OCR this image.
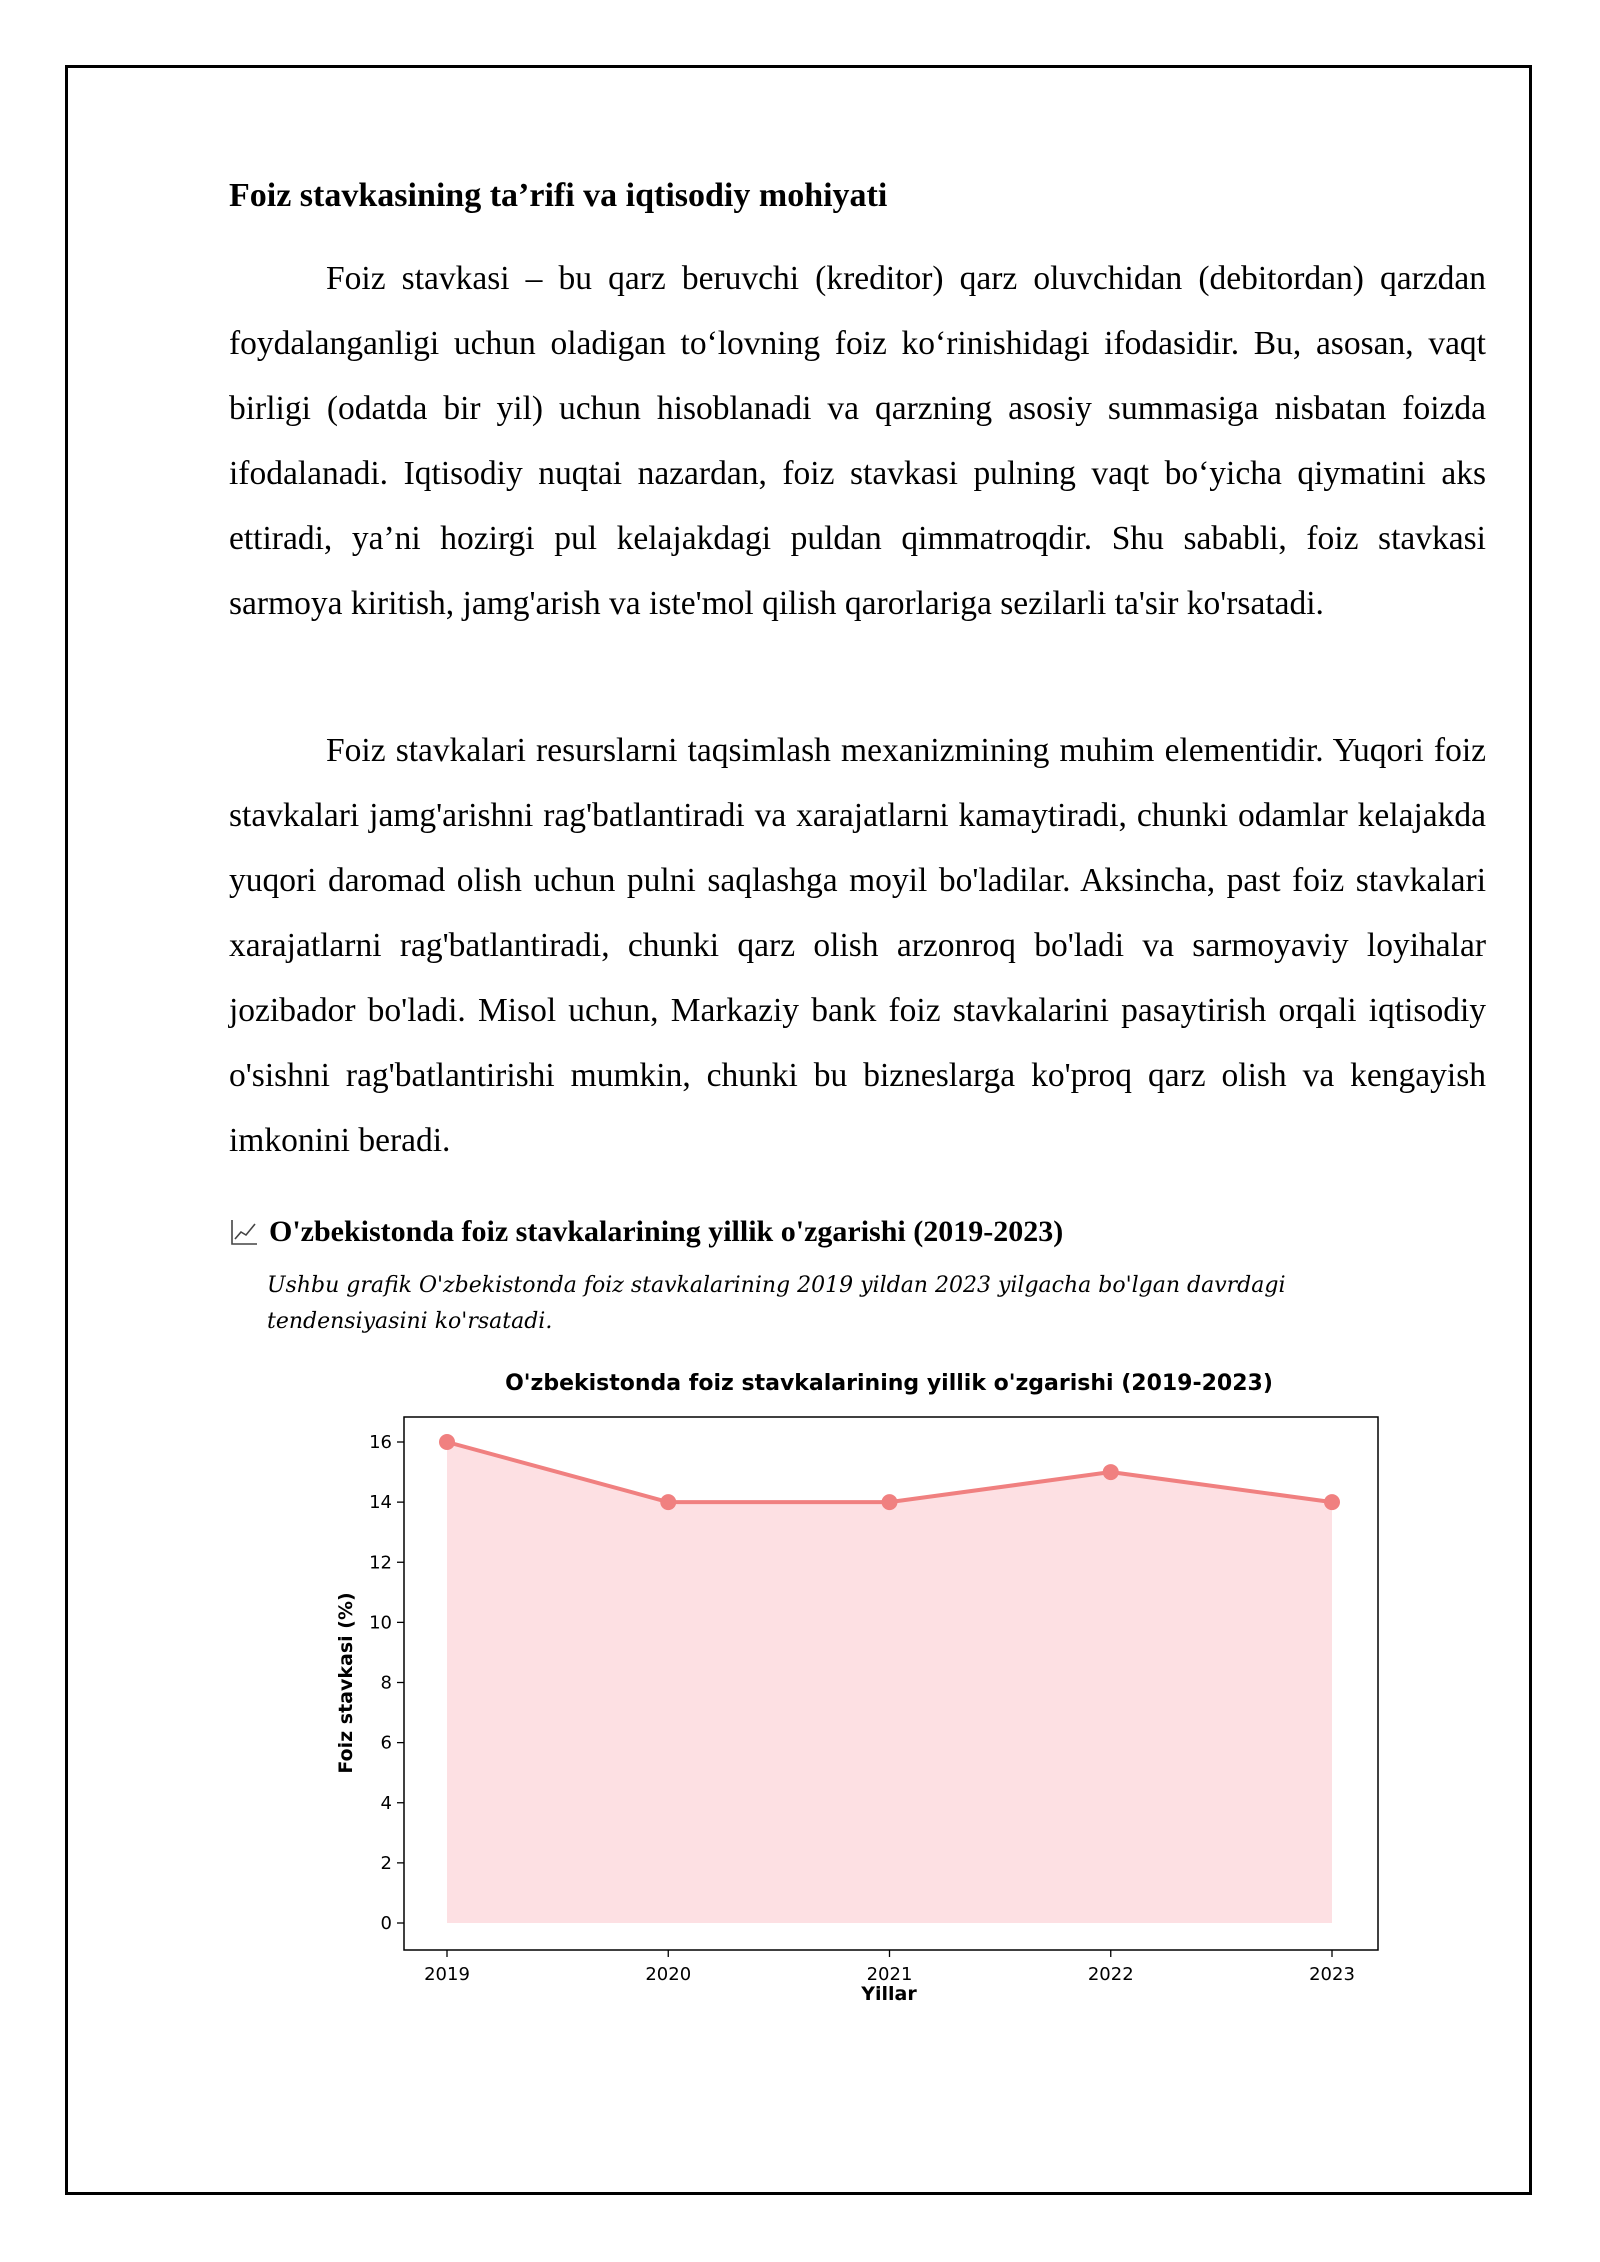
Foiz stavkasining ta’rifi va iqtisodiy mohiyati

Foiz stavkasi – bu qarz beruvchi (kreditor) qarz oluvchidan (debitordan) qarzdan foydalanganligi uchun oladigan to‘lovning foiz ko‘rinishidagi ifodasidir. Bu, asosan, vaqt birligi (odatda bir yil) uchun hisoblanadi va qarzning asosiy summasiga nisbatan foizda ifodalanadi. Iqtisodiy nuqtai nazardan, foiz stavkasi pulning vaqt bo‘yicha qiymatini aks ettiradi, ya’ni hozirgi pul kelajakdagi puldan qimmatroqdir. Shu sababli, foiz stavkasi sarmoya kiritish, jamg'arish va iste'mol qilish qarorlariga sezilarli ta'sir ko'rsatadi.

Foiz stavkalari resurslarni taqsimlash mexanizmining muhim elementidir. Yuqori foiz stavkalari jamg'arishni rag'batlantiradi va xarajatlarni kamaytiradi, chunki odamlar kelajakda yuqori daromad olish uchun pulni saqlashga moyil bo'ladilar. Aksincha, past foiz stavkalari xarajatlarni rag'batlantiradi, chunki qarz olish arzonroq bo'ladi va sarmoyaviy loyihalar jozibador bo'ladi. Misol uchun, Markaziy bank foiz stavkalarini pasaytirish orqali iqtisodiy o'sishni rag'batlantirishi mumkin, chunki bu bizneslarga ko'proq qarz olish va kengayish imkonini beradi.

O'zbekistonda foiz stavkalarining yillik o'zgarishi (2019-2023)

Ushbu grafik O'zbekistonda foiz stavkalarining 2019 yildan 2023 yilgacha bo'lgan davrdagi tendensiyasini ko'rsatadi.

O'zbekistonda foiz stavkalarining yillik o'zgarishi (2019-2023)
0
2
4
6
8
10
12
14
16
2019	2020	2021	2022	2023
Yillar
Foiz stavkasi (%)
